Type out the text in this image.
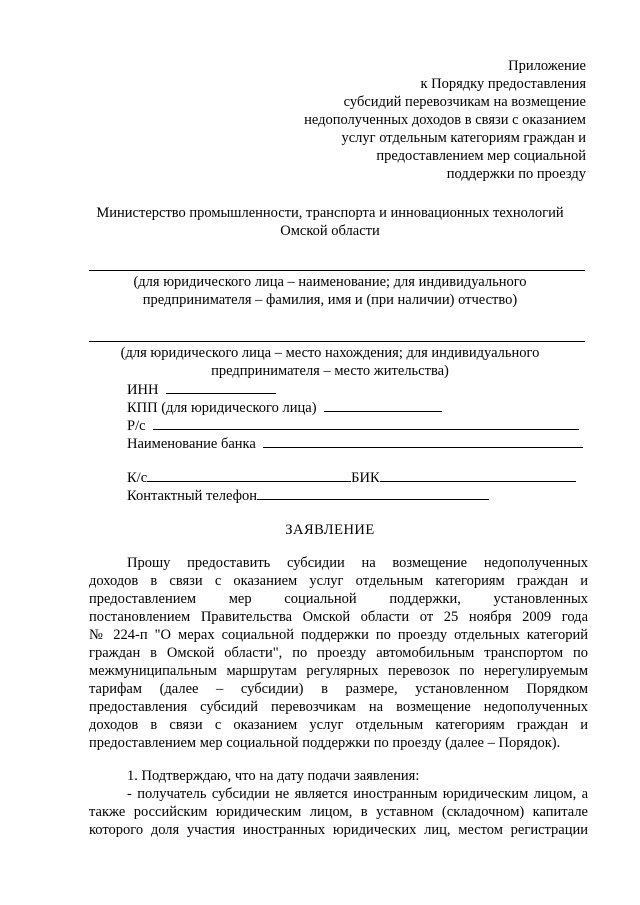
Приложение
к Порядку предоставления
субсидий перевозчикам на возмещение
недополученных доходов в связи с оказанием
услуг отдельным категориям граждан и
предоставлением мер социальной
поддержки по проезду
Министерство промышленности, транспорта и инновационных технологий
Омской области
(для юридического лица – наименование; для индивидуального
предпринимателя – фамилия, имя и (при наличии) отчество)
(для юридического лица – место нахождения; для индивидуального
предпринимателя – место жительства)
ИНН
КПП (для юридического лица)
Р/с
Наименование банка
К/с	БИК
Контактный телефон
ЗАЯВЛЕНИЕ
Прошу предоставить субсидии на возмещение недополученных
доходов в связи с оказанием услуг отдельным категориям граждан и
предоставлением мер социальной поддержки, установленных
постановлением Правительства Омской области от 25 ноября 2009 года
№ 224-п "О мерах социальной поддержки по проезду отдельных категорий
граждан в Омской области", по проезду автомобильным транспортом по
межмуниципальным маршрутам регулярных перевозок по нерегулируемым
тарифам (далее – субсидии) в размере, установленном Порядком
предоставления субсидий перевозчикам на возмещение недополученных
доходов в связи с оказанием услуг отдельным категориям граждан и
предоставлением мер социальной поддержки по проезду (далее – Порядок).
1. Подтверждаю, что на дату подачи заявления:
- получатель субсидии не является иностранным юридическим лицом, а
также российским юридическим лицом, в уставном (складочном) капитале
которого доля участия иностранных юридических лиц, местом регистрации
